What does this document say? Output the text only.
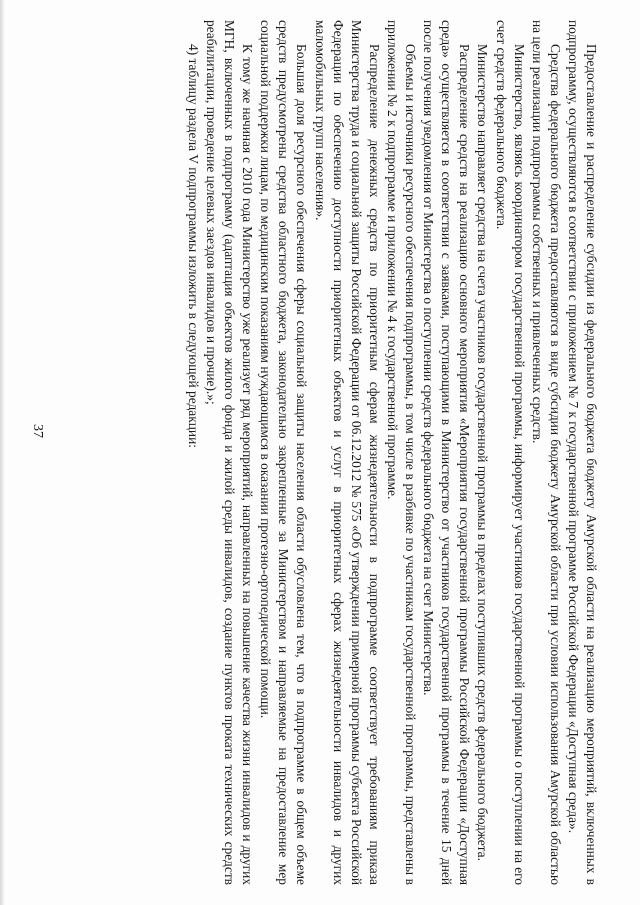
37	Предоставление и распределение субсидии из федерального бюджета бюджету Амурской области на реализацию мероприятий, включенных в подпрограмму, осуществляются в соответствии с приложением № 7 к государственной программе Российской Федерации «Доступная среда».

Средства федерального бюджета предоставляются в виде субсидии бюджету Амурской области при условии использования Амурской областью на цели реализации подпрограммы собственных и привлеченных средств.

Министерство, являясь координатором государственной программы, информирует участников государственной программы о поступлении на его счет средств федерального бюджета.

Министерство направляет средства на счета участников государственной программы в пределах поступивших средств федерального бюджета.

Распределение средств на реализацию основного мероприятия «Мероприятия государственной программы Российской Федерации «Доступная среда» осуществляется в соответствии с заявками, поступающими в Министерство от участников государственной программы в течение 15 дней после получения уведомления от Министерства о поступлении средств федерального бюджета на счет Министерства.

Объемы и источники ресурсного обеспечения подпрограммы, в том числе в разбивке по участникам государственной программы, представлены в приложении № 2 к подпрограмме и приложении № 4 к государственной программе.

Распределение денежных средств по приоритетным сферам жизнедеятельности в подпрограмме соответствует требованиям приказа Министерства труда и социальной защиты Российской Федерации от 06.12.2012 № 575 «Об утверждении примерной программы субъекта Российской Федерации по обеспечению доступности приоритетных объектов и услуг в приоритетных сферах жизнедеятельности инвалидов и других маломобильных групп населения».

Большая доля ресурсного обеспечения сферы социальной защиты населения области обусловлена тем, что в подпрограмме в общем объеме средств предусмотрены средства областного бюджета, законодательно закрепленные за Министерством и направляемые на предоставление мер социальной поддержки лицам, по медицинским показаниям нуждающимся в оказании протезно-ортопедической помощи.

К тому же начиная с 2010 года Министерство уже реализует ряд мероприятий, направленных на повышение качества жизни инвалидов и других МГН, включенных в подпрограмму (адаптация объектов жилого фонда и жилой среды инвалидов, создание пунктов проката технических средств реабилитации, проведение целевых заездов инвалидов и прочие).»;

4) таблицу раздела V подпрограммы изложить в следующей редакции:
